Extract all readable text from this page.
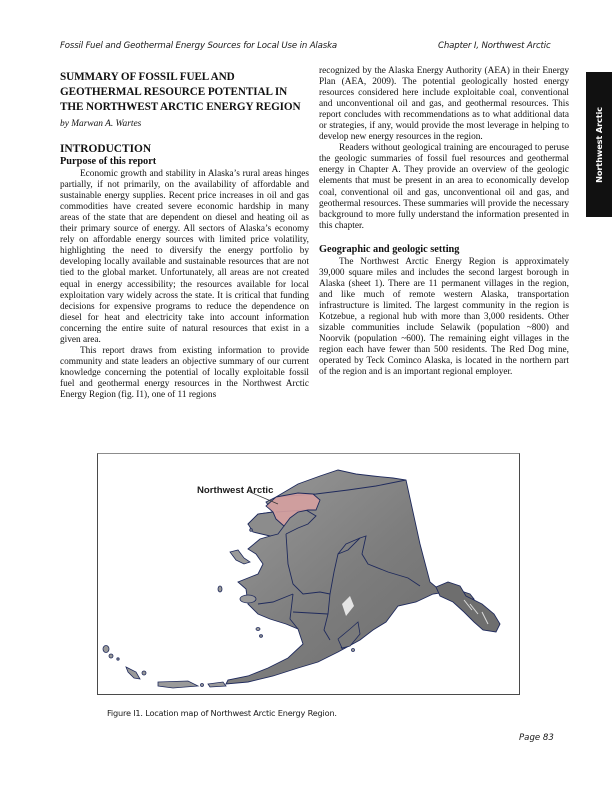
Fossil Fuel and Geothermal Energy Sources for Local Use in Alaska	Chapter I, Northwest Arctic
Northwest Arctic
SUMMARY OF FOSSIL FUEL AND GEOTHERMAL RESOURCE POTENTIAL IN THE NORTHWEST ARCTIC ENERGY REGION
by Marwan A. Wartes
INTRODUCTION
Purpose of this report

Economic growth and stability in Alaska’s rural areas hinges partially, if not primarily, on the availability of affordable and sustainable energy supplies. Recent price increases in oil and gas commodities have created severe economic hardship in many areas of the state that are dependent on diesel and heating oil as their primary source of energy. All sectors of Alaska’s economy rely on affordable energy sources with limited price volatility, highlighting the need to diversify the energy portfolio by developing locally available and sustainable resources that are not tied to the global market. Unfortunately, all areas are not created equal in energy accessibility; the resources available for local exploitation vary widely across the state. It is critical that funding decisions for expensive programs to reduce the dependence on diesel for heat and electricity take into account information concerning the entire suite of natural resources that exist in a given area.

This report draws from existing information to provide community and state leaders an objective summary of our current knowledge concerning the potential of locally exploitable fossil fuel and geothermal energy resources in the Northwest Arctic Energy Region (fig. I1), one of 11 regions

recognized by the Alaska Energy Authority (AEA) in their Energy Plan (AEA, 2009). The potential geologically hosted energy resources considered here include exploitable coal, conventional and unconventional oil and gas, and geothermal resources. This report concludes with recommendations as to what additional data or strategies, if any, would provide the most leverage in helping to develop new energy resources in the region.

Readers without geological training are encouraged to peruse the geologic summaries of fossil fuel resources and geothermal energy in Chapter A. They provide an overview of the geologic elements that must be present in an area to economically develop coal, conventional oil and gas, unconventional oil and gas, and geothermal resources. These summaries will provide the necessary background to more fully understand the information presented in this chapter.

Geographic and geologic setting

The Northwest Arctic Energy Region is approximately 39,000 square miles and includes the second largest borough in Alaska (sheet 1). There are 11 permanent villages in the region, and like much of remote western Alaska, transportation infrastructure is limited. The largest community in the region is Kotzebue, a regional hub with more than 3,000 residents. Other sizable communities include Selawik (population ~800) and Noorvik (population ~600). The remaining eight villages in the region each have fewer than 500 residents. The Red Dog mine, operated by Teck Cominco Alaska, is located in the northern part of the region and is an important regional employer.

Northwest Arctic
Figure I1. Location map of Northwest Arctic Energy Region.
Page 83
